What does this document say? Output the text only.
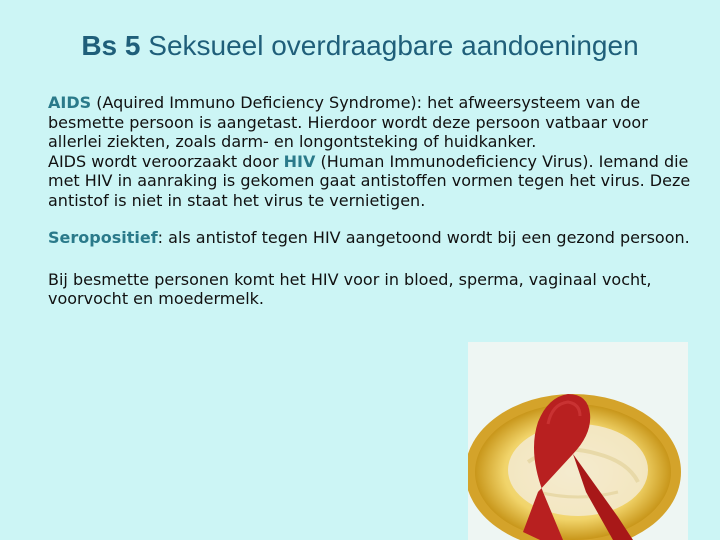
Bs 5 Seksueel overdraagbare aandoeningen

AIDS (Aquired Immuno Deficiency Syndrome): het afweersysteem van de besmette persoon is aangetast. Hierdoor wordt deze persoon vatbaar voor allerlei ziekten, zoals darm- en longontsteking of huidkanker.
AIDS wordt veroorzaakt door HIV (Human Immunodeficiency Virus). Iemand die met HIV in aanraking is gekomen gaat antistoffen vormen tegen het virus. Deze antistof is niet in staat het virus te vernietigen.

Seropositief: als antistof tegen HIV aangetoond wordt bij een gezond persoon.

Bij besmette personen komt het HIV voor in bloed, sperma, vaginaal vocht, voorvocht en moedermelk.
